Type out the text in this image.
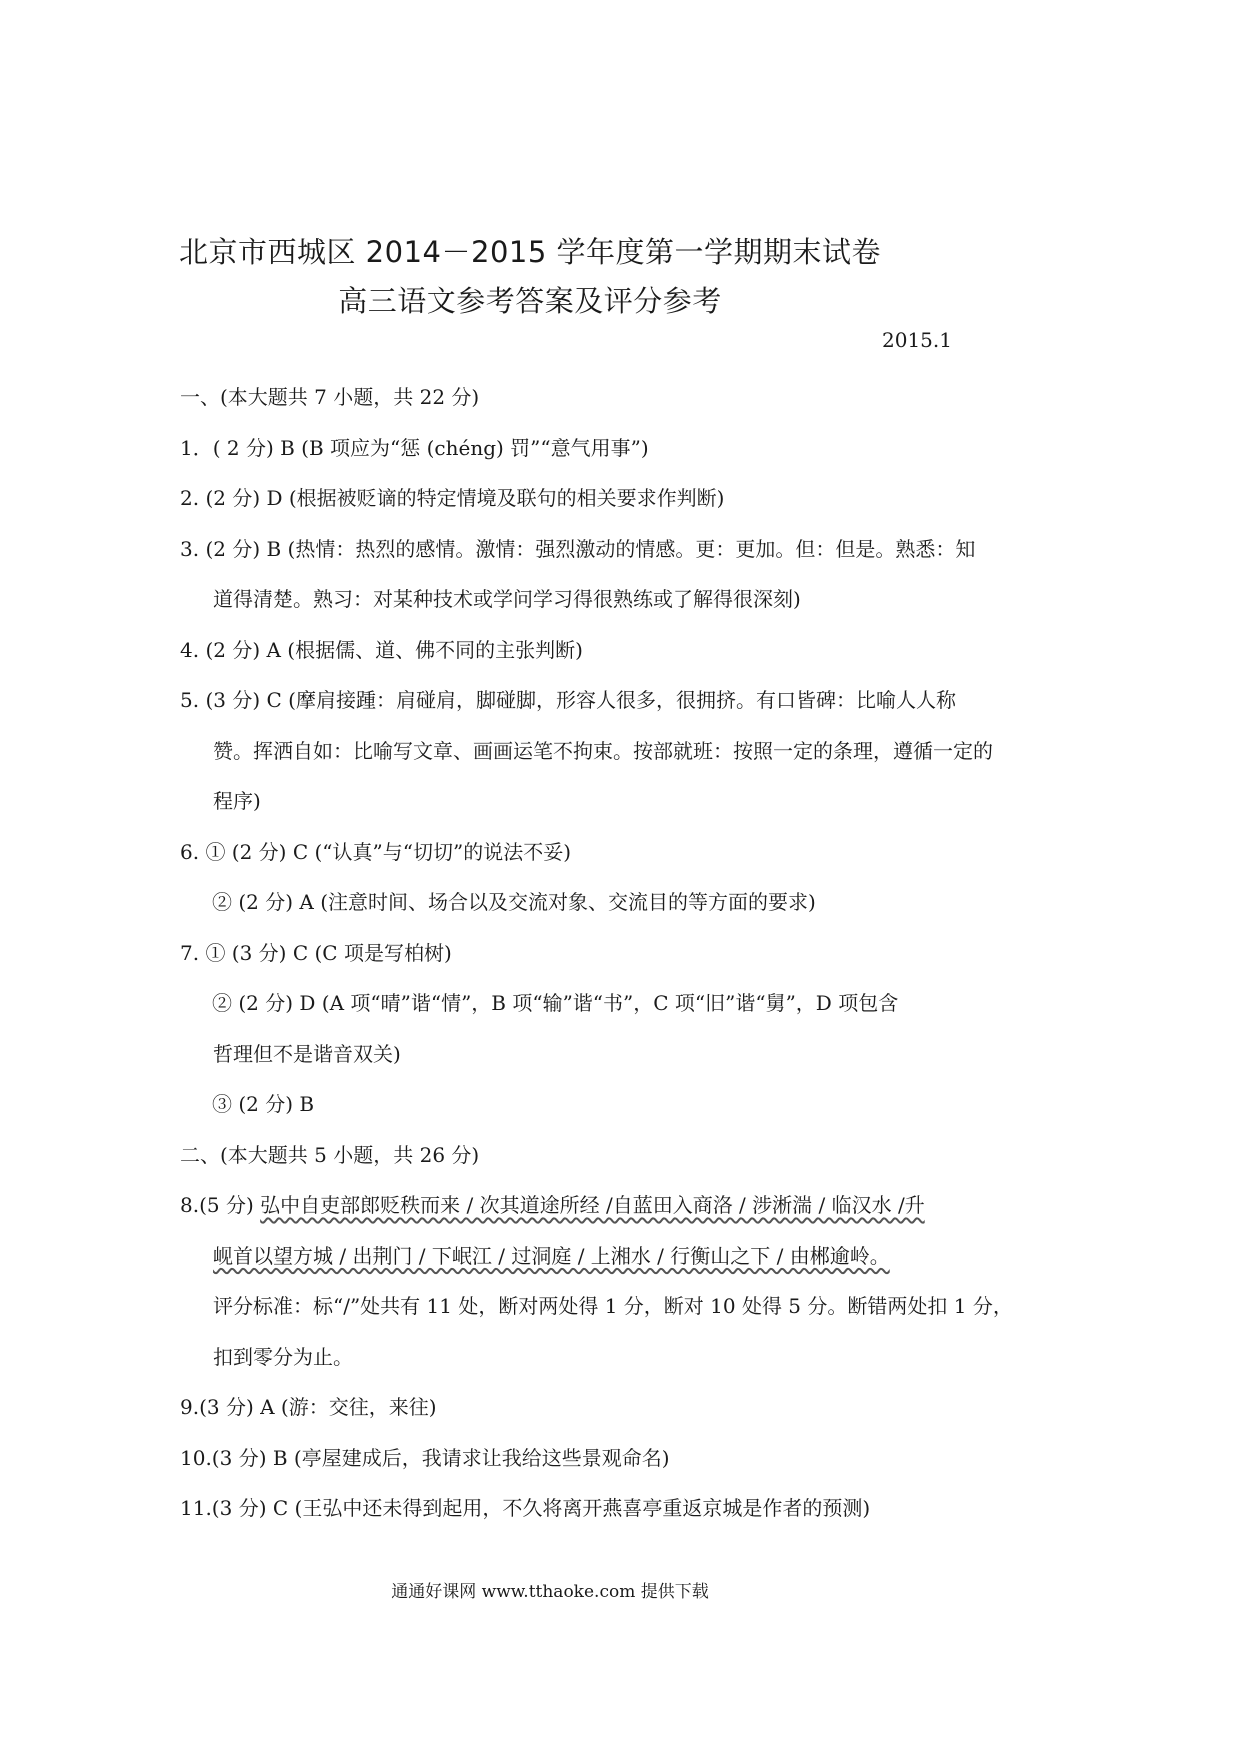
北京市西城区 2014－2015 学年度第一学期期末试卷
高三语文参考答案及评分参考
2015.1
一、(本大题共 7 小题，共 22 分)
1．( 2 分) B (B 项应为“惩 (chéng) 罚”“意气用事”)
2. (2 分) D (根据被贬谪的特定情境及联句的相关要求作判断)
3. (2 分) B (热情：热烈的感情。激情：强烈激动的情感。更：更加。但：但是。熟悉：知
道得清楚。熟习：对某种技术或学问学习得很熟练或了解得很深刻)
4. (2 分) A (根据儒、道、佛不同的主张判断)
5. (3 分) C (摩肩接踵：肩碰肩，脚碰脚，形容人很多，很拥挤。有口皆碑：比喻人人称
赞。挥洒自如：比喻写文章、画画运笔不拘束。按部就班：按照一定的条理，遵循一定的
程序)
6. ① (2 分) C (“认真”与“切切”的说法不妥)
② (2 分) A (注意时间、场合以及交流对象、交流目的等方面的要求)
7. ① (3 分) C (C 项是写柏树)
② (2 分) D (A 项“晴”谐“情”，B 项“输”谐“书”，C 项“旧”谐“舅”，D 项包含
哲理但不是谐音双关)
③ (2 分) B
二、(本大题共 5 小题，共 26 分)
8.(5 分) 弘中自吏部郎贬秩而来 / 次其道途所经 /自蓝田入商洛 / 涉淅湍 / 临汉水 /升
岘首以望方城 / 出荆门 / 下岷江 / 过洞庭 / 上湘水 / 行衡山之下 / 由郴逾岭。
评分标准：标“/”处共有 11 处，断对两处得 1 分，断对 10 处得 5 分。断错两处扣 1 分，
扣到零分为止。
9.(3 分) A (游：交往，来往)
10.(3 分) B (亭屋建成后，我请求让我给这些景观命名)
11.(3 分) C (王弘中还未得到起用，不久将离开燕喜亭重返京城是作者的预测)
通通好课网 www.tthaoke.com 提供下载
